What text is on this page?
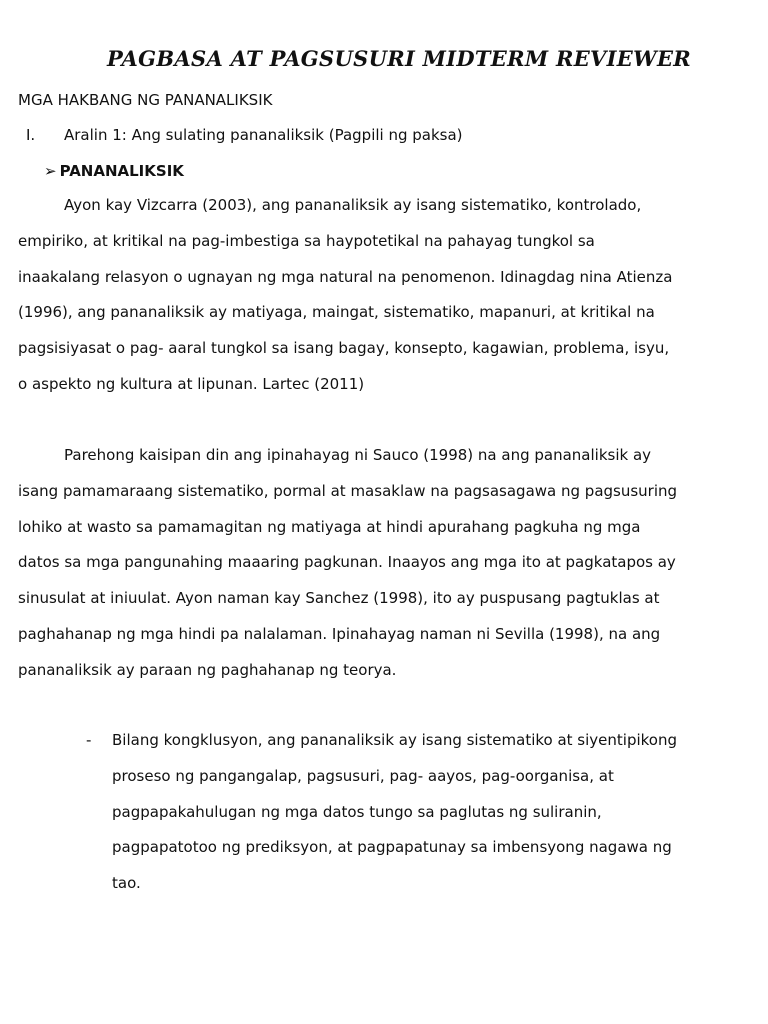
PAGBASA AT PAGSUSURI MIDTERM REVIEWER
MGA HAKBANG NG PANANALIKSIK
I. Aralin 1: Ang sulating pananaliksik (Pagpili ng paksa)
➢ PANANALIKSIK

Ayon kay Vizcarra (2003), ang pananaliksik ay isang sistematiko, kontrolado,
empiriko, at kritikal na pag-imbestiga sa haypotetikal na pahayag tungkol sa
inaakalang relasyon o ugnayan ng mga natural na penomenon. Idinagdag nina Atienza
(1996), ang pananaliksik ay matiyaga, maingat, sistematiko, mapanuri, at kritikal na
pagsisiyasat o pag- aaral tungkol sa isang bagay, konsepto, kagawian, problema, isyu,
o aspekto ng kultura at lipunan. Lartec (2011)

Parehong kaisipan din ang ipinahayag ni Sauco (1998) na ang pananaliksik ay
isang pamamaraang sistematiko, pormal at masaklaw na pagsasagawa ng pagsusuring
lohiko at wasto sa pamamagitan ng matiyaga at hindi apurahang pagkuha ng mga
datos sa mga pangunahing maaaring pagkunan. Inaayos ang mga ito at pagkatapos ay
sinusulat at iniuulat. Ayon naman kay Sanchez (1998), ito ay puspusang pagtuklas at
paghahanap ng mga hindi pa nalalaman. Ipinahayag naman ni Sevilla (1998), na ang
pananaliksik ay paraan ng paghahanap ng teorya.

- Bilang kongklusyon, ang pananaliksik ay isang sistematiko at siyentipikong
proseso ng pangangalap, pagsusuri, pag- aayos, pag-oorganisa, at
pagpapakahulugan ng mga datos tungo sa paglutas ng suliranin,
pagpapatotoo ng prediksyon, at pagpapatunay sa imbensyong nagawa ng
tao.
